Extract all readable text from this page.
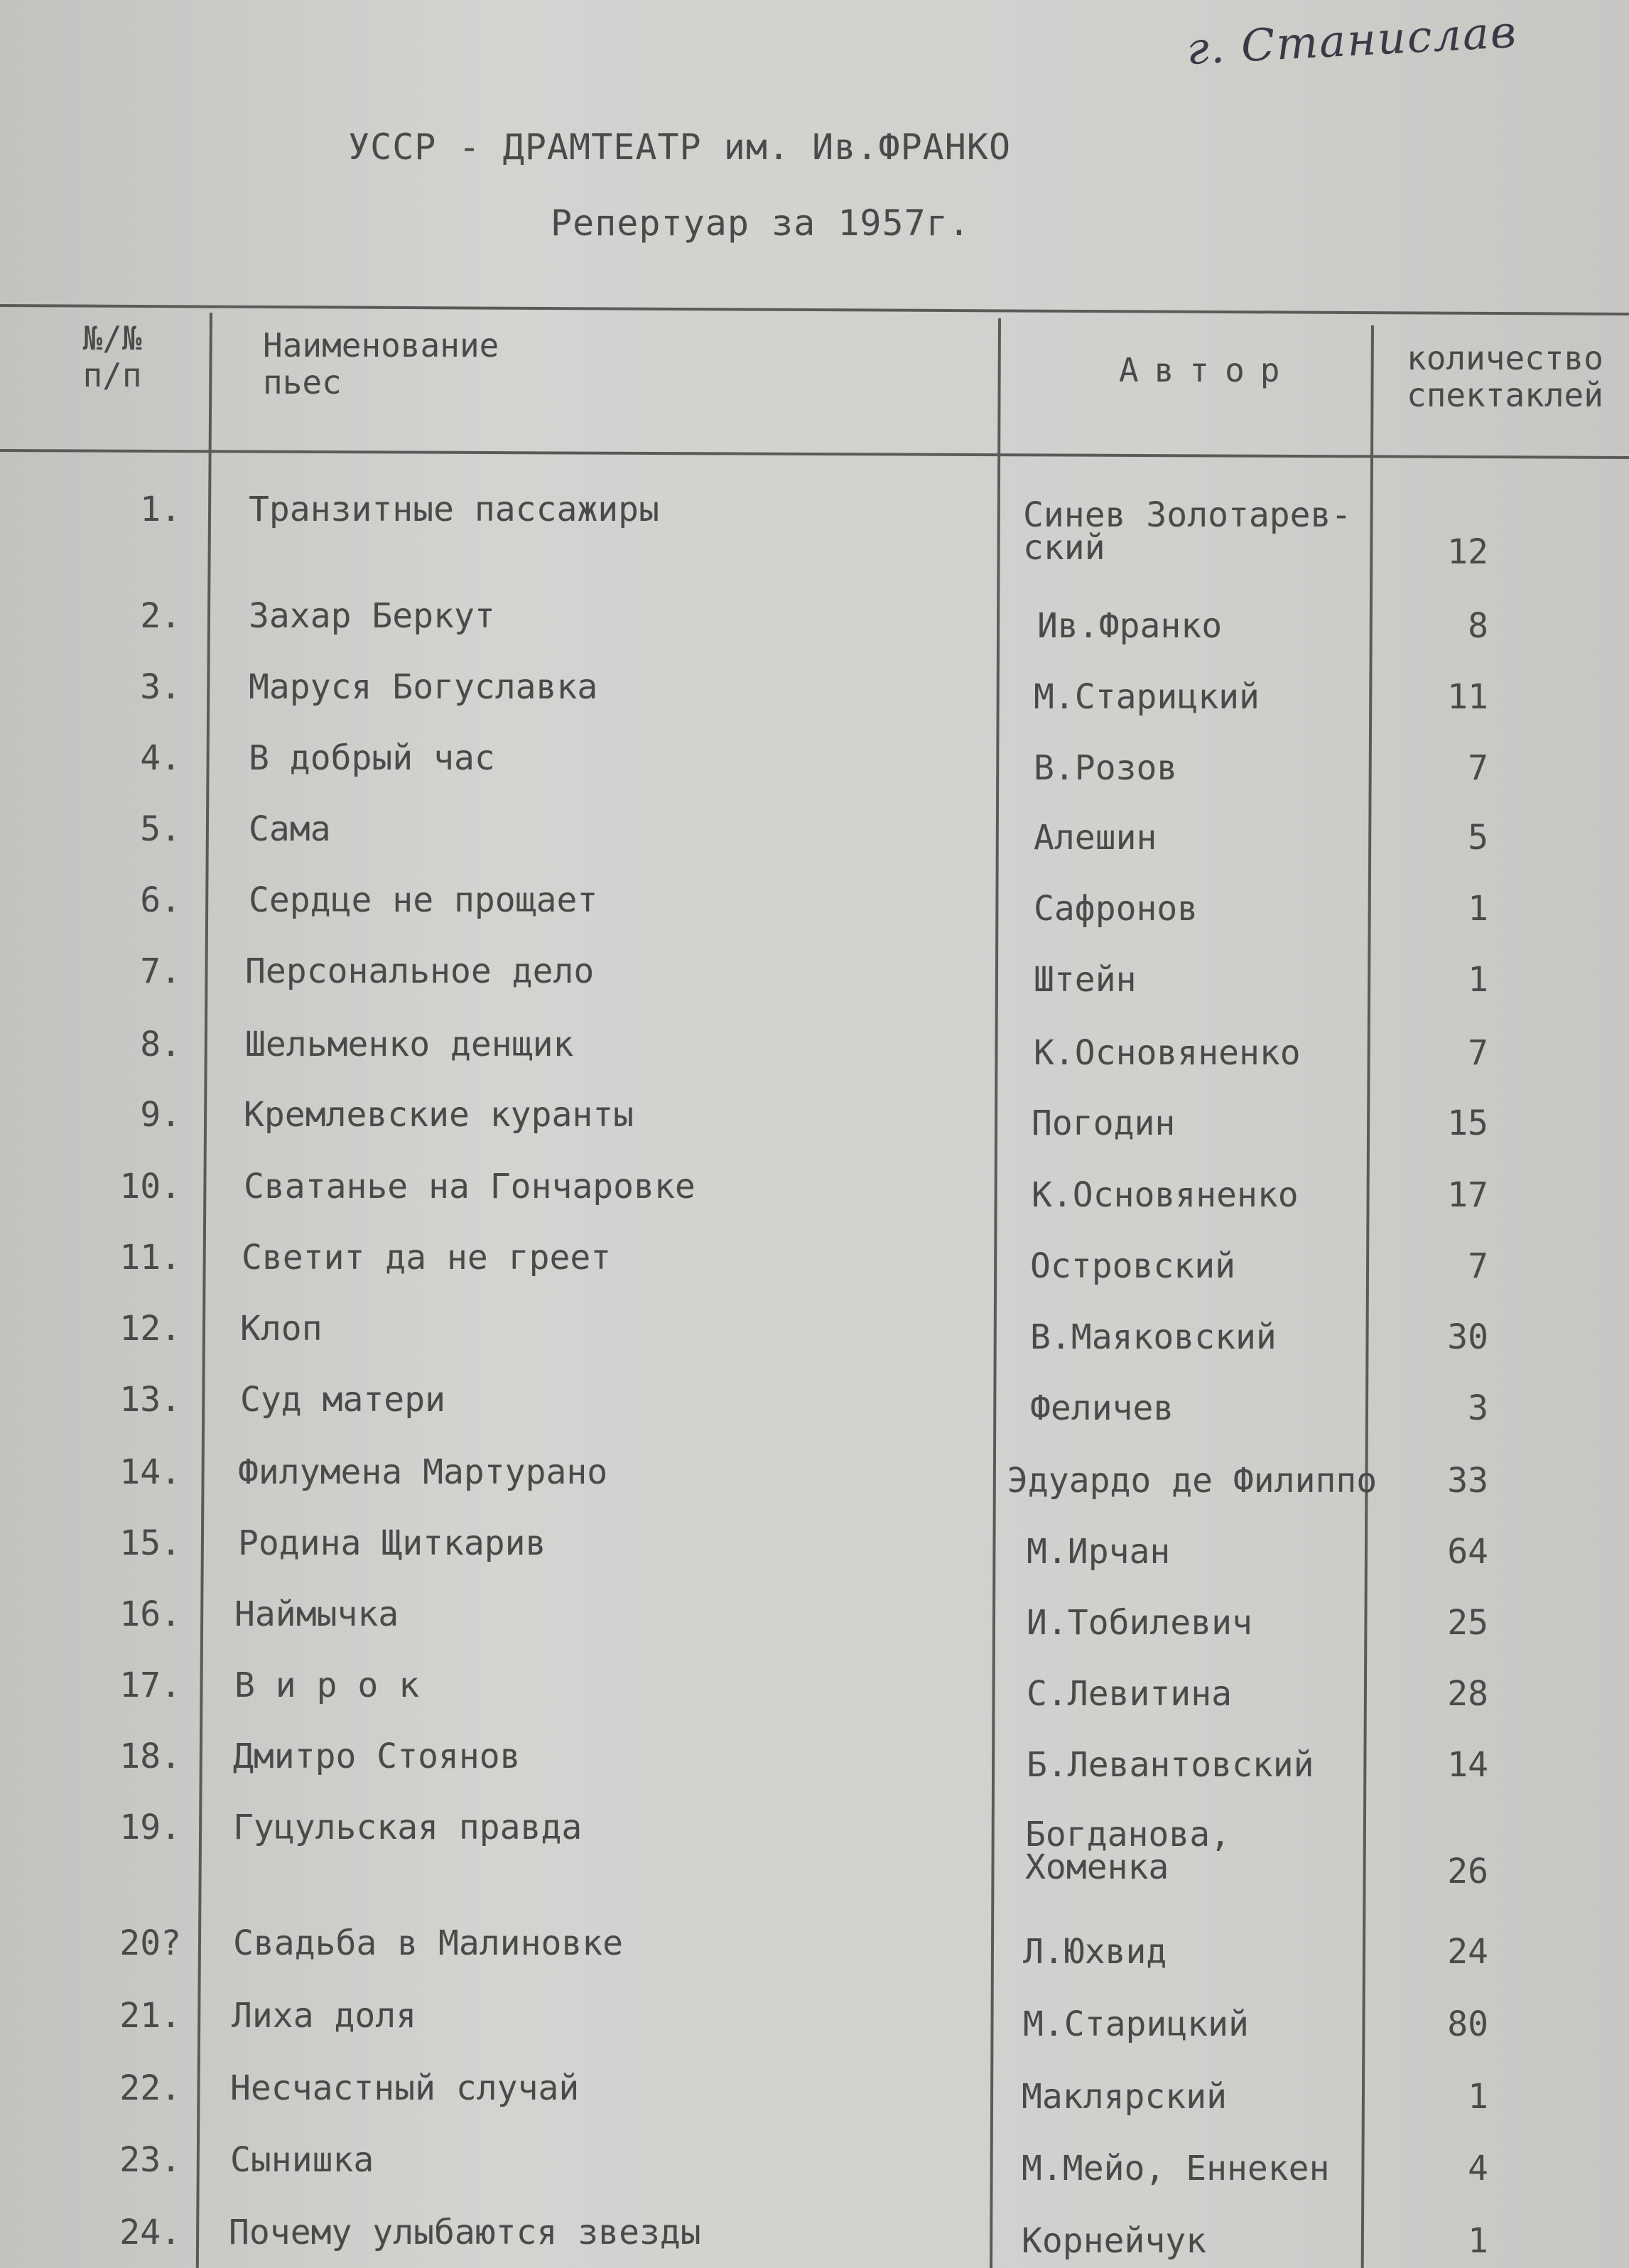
г. Станислав
УССР - ДРАМТЕАТР им. Ив.ФРАНКО
Репертуар за 1957г.
№/№
п/п
Наименование
пьес	Автор	количество
спектаклей
1. Транзитные пассажиры	Синев Золотарев-
ский	12
2. Захар Беркут	Ив.Франко	8
3. Маруся Богуславка	М.Старицкий	11
4. В добрый час	В.Розов	7
5. Сама	Алешин	5
6. Сердце не прощает	Сафронов	1
7. Персональное дело	Штейн	1
8. Шельменко денщик	К.Основяненко	7
9. Кремлевские куранты	Погодин	15
10. Сватанье на Гончаровке	К.Основяненко	17
11. Светит да не греет	Островский	7
12. Клоп	В.Маяковский	30
13. Суд матери	Феличев	3
14. Филумена Мартурано	Эдуардо де Филиппо	33
15. Родина Щиткарив	М.Ирчан	64
16. Наймычка	И.Тобилевич	25
17. В и р о к	С.Левитина	28
18. Дмитро Стоянов	Б.Левантовский	14
19. Гуцульская правда	Богданова,
Хоменка	26
20? Свадьба в Малиновке	Л.Юхвид	24
21. Лиха доля	М.Старицкий	80
22. Несчастный случай	Маклярский	1
23. Сынишка	М.Мейо, Еннекен	4
24. Почему улыбаются звезды	Корнейчук	1
